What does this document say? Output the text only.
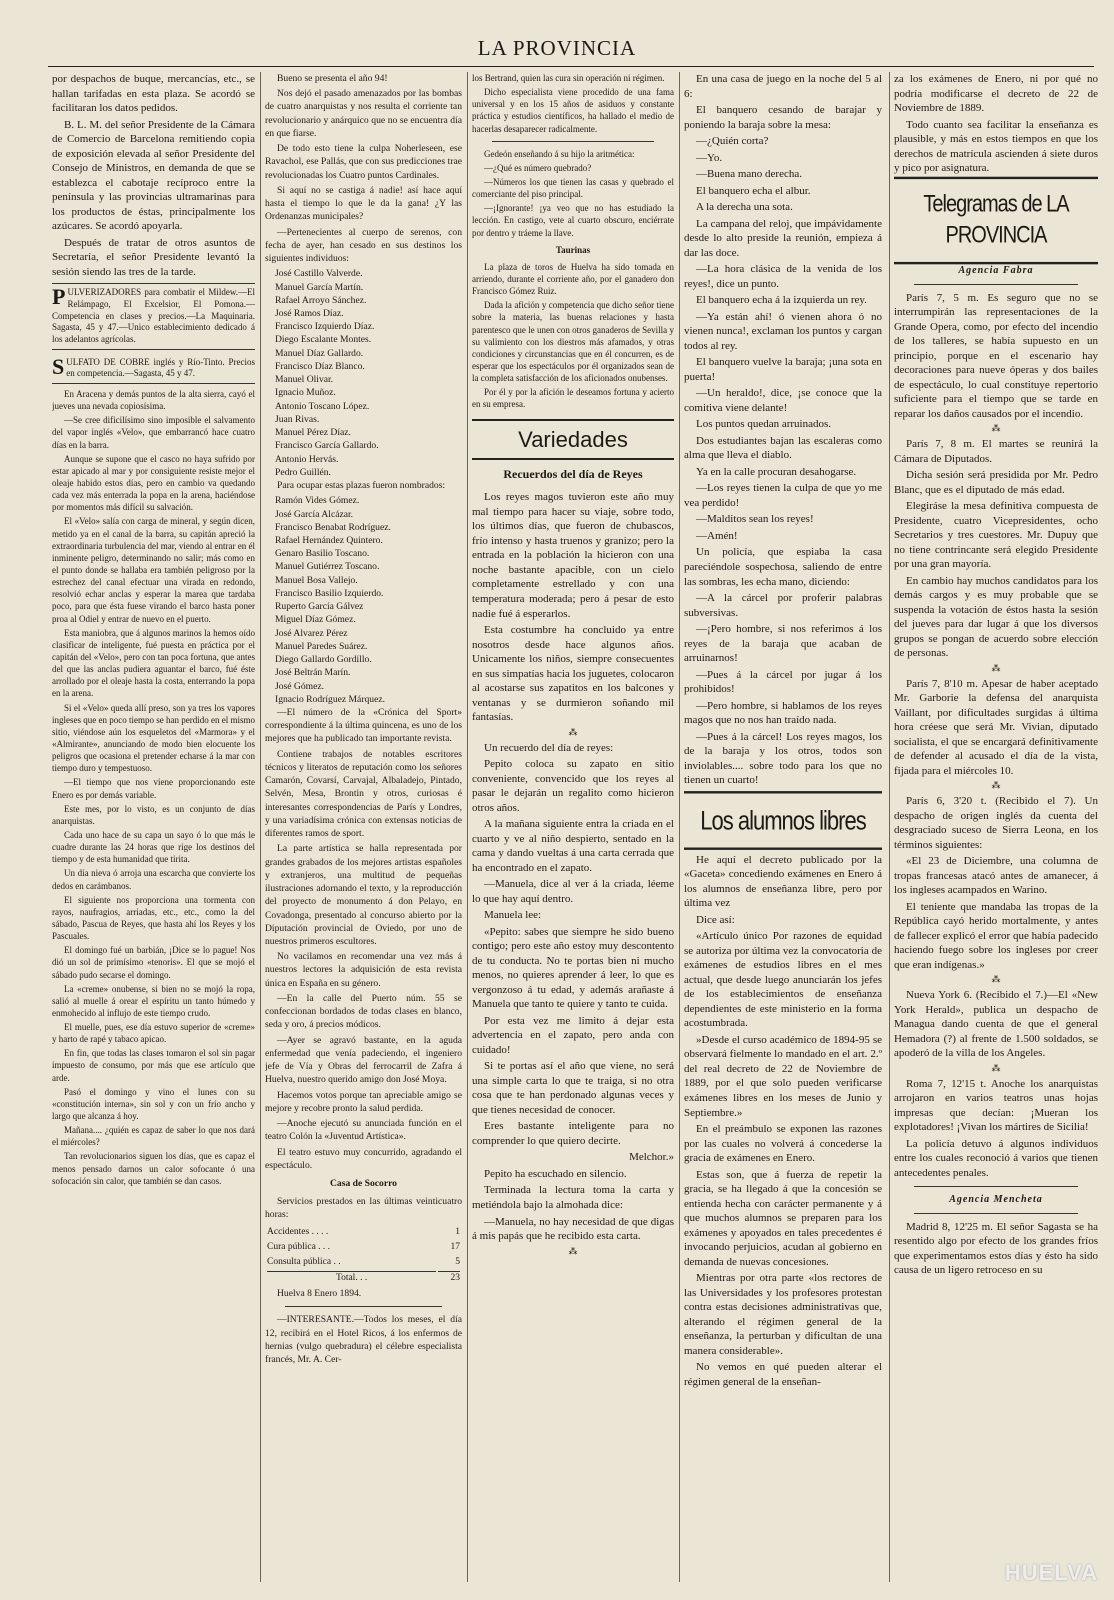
LA PROVINCIA

por despachos de buque, mercancías, etc., se hallan tarifadas en esta plaza. Se acordó se facilitaran los datos pedidos.

B. L. M. del señor Presidente de la Cámara de Comercio de Barcelona remitiendo copia de exposición elevada al señor Presidente del Consejo de Ministros, en demanda de que se establezca el cabotaje recíproco entre la península y las provincias ultramarinas para los productos de éstas, principalmente los azúcares. Se acordó apoyarla.

Después de tratar de otros asuntos de Secretaría, el señor Presidente levantó la sesión siendo las tres de la tarde.

PULVERIZADORES para combatir el Mildew.—El Relámpago, El Excelsior, El Pomona.—Competencia en clases y precios.—La Maquinaria. Sagasta, 45 y 47.—Unico establecimiento dedicado á los adelantos agrícolas.
SULFATO DE COBRE inglés y Río-Tinto. Precios en competencia.—Sagasta, 45 y 47.

En Aracena y demás puntos de la alta sierra, cayó el jueves una nevada copiosísima.

—Se cree dificilísimo sino imposible el salvamento del vapor inglés «Velo», que embarrancó hace cuatro días en la barra.

Aunque se supone que el casco no haya sufrido por estar apicado al mar y por consiguiente resiste mejor el oleaje habido estos días, pero en cambio va quedando cada vez más enterrada la popa en la arena, haciéndose por momentos más difícil su salvación.

El «Velo» salía con carga de mineral, y según dicen, metido ya en el canal de la barra, su capitán apreció la extraordinaria turbulencia del mar, viendo al entrar en él inminente peligro, determinando no salir; más como en el punto donde se hallaba era también peligroso por la estrechez del canal efectuar una virada en redondo, resolvió echar anclas y esperar la marea que tardaba poco, para que ésta fuese virando el barco hasta poner proa al Odiel y entrar de nuevo en el puerto.

Esta maniobra, que á algunos marinos la hemos oído clasificar de inteligente, fué puesta en práctica por el capitán del «Velo», pero con tan poca fortuna, que antes del que las anclas pudiera aguantar el barco, fué éste arrollado por el oleaje hasta la costa, enterrando la popa en la arena.

Si el «Velo» queda allí preso, son ya tres los vapores ingleses que en poco tiempo se han perdido en el mismo sitio, viéndose aún los esqueletos del «Marmora» y el «Almirante», anunciando de modo bien elocuente los peligros que ocasiona el pretender echarse á la mar con tiempo duro y tempestuoso.

—El tiempo que nos viene proporcionando este Enero es por demás variable.

Este mes, por lo visto, es un conjunto de días anarquistas.

Cada uno hace de su capa un sayo ó lo que más le cuadre durante las 24 horas que rige los destinos del tiempo y de esta humanidad que tirita.

Un día nieva ó arroja una escarcha que convierte los dedos en carámbanos.

El siguiente nos proporciona una tormenta con rayos, naufragios, arriadas, etc., etc., como la del sábado, Pascua de Reyes, que hasta ahí los Reyes y los Pascuales.

El domingo fué un barbián, ¡Dice se lo pague! Nos dió un sol de primísimo «tenoris». El que se mojó el sábado pudo secarse el domingo.

La «creme» onubense, si bien no se mojó la ropa, salió al muelle á orear el espíritu un tanto húmedo y enmohecido al influjo de este tiempo crudo.

El muelle, pues, ese día estuvo superior de «creme» y harto de rapé y tabaco apicao.

En fin, que todas las clases tomaron el sol sin pagar impuesto de consumo, por más que ese artículo que arde.

Pasó el domingo y vino el lunes con su «constitución interna», sin sol y con un frío ancho y largo que alcanza á hoy.

Mañana.... ¿quién es capaz de saber lo que nos dará el miércoles?

Tan revolucionarios siguen los días, que es capaz el menos pensado darnos un calor sofocante ó una sofocación sin calor, que también se dan casos.

Bueno se presenta el año 94!

Nos dejó el pasado amenazados por las bombas de cuatro anarquistas y nos resulta el corriente tan revolucionario y anárquico que no se encuentra día en que fiarse.

De todo esto tiene la culpa Noherleseen, ese Ravachol, ese Pallás, que con sus predicciones trae revolucionadas los Cuatro puntos Cardinales.

Si aquí no se castiga á nadie! así hace aquí hasta el tiempo lo que le da la gana! ¿Y las Ordenanzas municipales?

—Pertenecientes al cuerpo de serenos, con fecha de ayer, han cesado en sus destinos los siguientes individuos:

José Castillo Valverde.

Manuel García Martín.

Rafael Arroyo Sánchez.

José Ramos Díaz.

Francisco Izquierdo Díaz.

Diego Escalante Montes.

Manuel Díaz Gallardo.

Francisco Díaz Blanco.

Manuel Olivar.

Ignacio Muñoz.

Antonio Toscano López.

Juan Rivas.

Manuel Pérez Díaz.

Francisco García Gallardo.

Antonio Hervás.

Pedro Guillén.

Para ocupar estas plazas fueron nombrados:

Ramón Vides Gómez.

José García Alcázar.

Francisco Benabat Rodríguez.

Rafael Hernández Quintero.

Genaro Basilio Toscano.

Manuel Gutiérrez Toscano.

Manuel Bosa Vallejo.

Francisco Basilio Izquierdo.

Ruperto García Gálvez

Miguel Díaz Gómez.

José Alvarez Pérez

Manuel Paredes Suárez.

Diego Gallardo Gordillo.

José Beltrán Marín.

José Gómez.

Ignacio Rodríguez Márquez.

—El número de la «Crónica del Sport» correspondiente á la última quincena, es uno de los mejores que ha publicado tan importante revista.

Contiene trabajos de notables escritores técnicos y literatos de reputación como los señores Camarón, Covarsí, Carvajal, Albaladejo, Pintado, Selvén, Mesa, Brontin y otros, curiosas é interesantes correspondencias de París y Londres, y una variadísima crónica con extensas noticias de diferentes ramos de sport.

La parte artística se halla representada por grandes grabados de los mejores artistas españoles y extranjeros, una multitud de pequeñas ilustraciones adornando el texto, y la reproducción del proyecto de monumento á don Pelayo, en Covadonga, presentado al concurso abierto por la Diputación provincial de Oviedo, por uno de nuestros primeros escultores.

No vacilamos en recomendar una vez más á nuestros lectores la adquisición de esta revista única en España en su género.

—En la calle del Puerto núm. 55 se confeccionan bordados de todas clases en blanco, seda y oro, á precios módicos.

—Ayer se agravó bastante, en la aguda enfermedad que venía padeciendo, el ingeniero jefe de Vía y Obras del ferrocarril de Zafra á Huelva, nuestro querido amigo don José Moya.

Hacemos votos porque tan apreciable amigo se mejore y recobre pronto la salud perdida.

—Anoche ejecutó su anunciada función en el teatro Colón la «Juventud Artística».

El teatro estuvo muy concurrido, agradando el espectáculo.

Casa de Socorro

Servicios prestados en las últimas veinticuatro horas:

Accidentes . . . .	1
Cura pública . . .	17
Consulta pública . .	5
Total. . .	23

Huelva 8 Enero 1894.

—INTERESANTE.—Todos los meses, el día 12, recibirá en el Hotel Ricos, á los enfermos de hernias (vulgo quebradura) el célebre especialista francés, Mr. A. Cer-

los Bertrand, quien las cura sin operación ni régimen.

Dicho especialista viene procedido de una fama universal y en los 15 años de asiduos y constante práctica y estudios científicos, ha hallado el medio de hacerlas desaparecer radicalmente.

Gedeón enseñando á su hijo la aritmética:

—¿Qué es número quebrado?

—Números los que tienen las casas y quebrado el comerciante del piso principal.

—¡Ignorante! ¡ya veo que no has estudiado la lección. En castigo, vete al cuarto obscuro, enciérrate por dentro y tráeme la llave.

Taurinas

La plaza de toros de Huelva ha sido tomada en arriendo, durante el corriente año, por el ganadero don Francisco Gómez Ruiz.

Dada la afición y competencia que dicho señor tiene sobre la materia, las buenas relaciones y hasta parentesco que le unen con otros ganaderos de Sevilla y su valimiento con los diestros más afamados, y otras condiciones y circunstancias que en él concurren, es de esperar que los espectáculos por él organizados sean de la completa satisfacción de los aficionados onubenses.

Por él y por la afición le deseamos fortuna y acierto en su empresa.

Variedades
Recuerdos del día de Reyes

Los reyes magos tuvieron este año muy mal tiempo para hacer su viaje, sobre todo, los últimos días, que fueron de chubascos, frío intenso y hasta truenos y granizo; pero la entrada en la población la hicieron con una noche bastante apacible, con un cielo completamente estrellado y con una temperatura moderada; pero á pesar de esto nadie fué á esperarlos.

Esta costumbre ha concluido ya entre nosotros desde hace algunos años. Unicamente los niños, siempre consecuentes en sus simpatías hacia los juguetes, colocaron al acostarse sus zapatitos en los balcones y ventanas y se durmieron soñando mil fantasías.

⁂

Un recuerdo del día de reyes:

Pepito coloca su zapato en sitio conveniente, convencido que los reyes al pasar le dejarán un regalito como hicieron otros años.

A la mañana siguiente entra la criada en el cuarto y ve al niño despierto, sentado en la cama y dando vueltas á una carta cerrada que ha encontrado en el zapato.

—Manuela, dice al ver á la criada, léeme lo que hay aquí dentro.

Manuela lee:

«Pepito: sabes que siempre he sido bueno contigo; pero este año estoy muy descontento de tu conducta. No te portas bien ni mucho menos, no quieres aprender á leer, lo que es vergonzoso á tu edad, y además arañaste á Manuela que tanto te quiere y tanto te cuida.

Por esta vez me limito á dejar esta advertencia en el zapato, pero anda con cuidado!

Si te portas así el año que viene, no será una simple carta lo que te traiga, si no otra cosa que te han perdonado algunas veces y que tienes necesidad de conocer.

Eres bastante inteligente para no comprender lo que quiero decirte.

Melchor.»

Pepito ha escuchado en silencio.

Terminada la lectura toma la carta y metiéndola bajo la almohada dice:

—Manuela, no hay necesidad de que digas á mis papás que he recibido esta carta.

⁂

En una casa de juego en la noche del 5 al 6:

El banquero cesando de barajar y poniendo la baraja sobre la mesa:

—¿Quién corta?

—Yo.

—Buena mano derecha.

El banquero echa el albur.

A la derecha una sota.

La campana del reloj, que impávidamente desde lo alto preside la reunión, empieza á dar las doce.

—La hora clásica de la venida de los reyes!, dice un punto.

El banquero echa á la izquierda un rey.

—Ya están ahí! ó vienen ahora ó no vienen nunca!, exclaman los puntos y cargan todos al rey.

El banquero vuelve la baraja; ¡una sota en puerta!

—Un heraldo!, dice, ¡se conoce que la comitiva viene delante!

Los puntos quedan arruinados.

Dos estudiantes bajan las escaleras como alma que lleva el diablo.

Ya en la calle procuran desahogarse.

—Los reyes tienen la culpa de que yo me vea perdido!

—Malditos sean los reyes!

—Amén!

Un policía, que espiaba la casa pareciéndole sospechosa, saliendo de entre las sombras, les echa mano, diciendo:

—A la cárcel por proferir palabras subversivas.

—¡Pero hombre, si nos referimos á los reyes de la baraja que acaban de arruinarnos!

—Pues á la cárcel por jugar á los prohibidos!

—Pero hombre, si hablamos de los reyes magos que no nos han traído nada.

—Pues á la cárcel! Los reyes magos, los de la baraja y los otros, todos son inviolables.... sobre todo para los que no tienen un cuarto!

Los alumnos libres

He aquí el decreto publicado por la «Gaceta» concediendo exámenes en Enero á los alumnos de enseñanza libre, pero por última vez

Dice así:

«Artículo único Por razones de equidad se autoriza por última vez la convocatoria de exámenes de estudios libres en el mes actual, que desde luego anunciarán los jefes de los establecimientos de enseñanza dependientes de este ministerio en la forma acostumbrada.

»Desde el curso académico de 1894-95 se observará fielmente lo mandado en el art. 2.º del real decreto de 22 de Noviembre de 1889, por el que solo pueden verificarse exámenes libres en los meses de Junio y Septiembre.»

En el preámbulo se exponen las razones por las cuales no volverá á concederse la gracia de exámenes en Enero.

Estas son, que á fuerza de repetir la gracia, se ha llegado á que la concesión se entienda hecha con carácter permanente y á que muchos alumnos se preparen para los exámenes y apoyados en tales precedentes é invocando perjuicios, acudan al gobierno en demanda de nuevas concesiones.

Mientras por otra parte «los rectores de las Universidades y los profesores protestan contra estas decisiones administrativas que, alterando el régimen general de la enseñanza, la perturban y dificultan de una manera considerable».

No vemos en qué pueden alterar el régimen general de la enseñan-

za los exámenes de Enero, ni por qué no podría modificarse el decreto de 22 de Noviembre de 1889.

Todo cuanto sea facilitar la enseñanza es plausible, y más en estos tiempos en que los derechos de matrícula ascienden á siete duros y pico por asignatura.

Telegramas de LA PROVINCIA
Agencia Fabra

París 7, 5 m. Es seguro que no se interrumpirán las representaciones de la Grande Opera, como, por efecto del incendio de los talleres, se había supuesto en un principio, porque en el escenario hay decoraciones para nueve óperas y dos bailes de espectáculo, lo cual constituye repertorio suficiente para el tiempo que se tarde en reparar los daños causados por el incendio.

⁂

París 7, 8 m. El martes se reunirá la Cámara de Diputados.

Dicha sesión será presidida por Mr. Pedro Blanc, que es el diputado de más edad.

Elegiráse la mesa definitiva compuesta de Presidente, cuatro Vicepresidentes, ocho Secretarios y tres cuestores. Mr. Dupuy que no tiene contrincante será elegido Presidente por una gran mayoría.

En cambio hay muchos candidatos para los demás cargos y es muy probable que se suspenda la votación de éstos hasta la sesión del jueves para dar lugar á que los diversos grupos se pongan de acuerdo sobre elección de personas.

⁂

París 7, 8'10 m. Apesar de haber aceptado Mr. Garborie la defensa del anarquista Vaillant, por dificultades surgidas á última hora créese que será Mr. Vivian, diputado socialista, el que se encargará definitivamente de defender al acusado el día de la vista, fijada para el miércoles 10.

⁂

París 6, 3'20 t. (Recibido el 7). Un despacho de origen inglés da cuenta del desgraciado suceso de Sierra Leona, en los términos siguientes:

«El 23 de Diciembre, una columna de tropas francesas atacó antes de amanecer, á los ingleses acampados en Warino.

El teniente que mandaba las tropas de la República cayó herido mortalmente, y antes de fallecer explicó el error que había padecido haciendo fuego sobre los ingleses por creer que eran indígenas.»

⁂

Nueva York 6. (Recibido el 7.)—El «New York Herald», publica un despacho de Managua dando cuenta de que el general Hemadora (?) al frente de 1.500 soldados, se apoderó de la villa de los Angeles.

⁂

Roma 7, 12'15 t. Anoche los anarquistas arrojaron en varios teatros unas hojas impresas que decían: ¡Mueran los explotadores! ¡Vivan los mártires de Sicilia!

La policía detuvo á algunos individuos entre los cuales reconoció á varios que tienen antecedentes penales.

Agencia Mencheta

Madrid 8, 12'25 m. El señor Sagasta se ha resentido algo por efecto de los grandes fríos que experimentamos estos días y ésto ha sido causa de un ligero retroceso en su

HUELVA
